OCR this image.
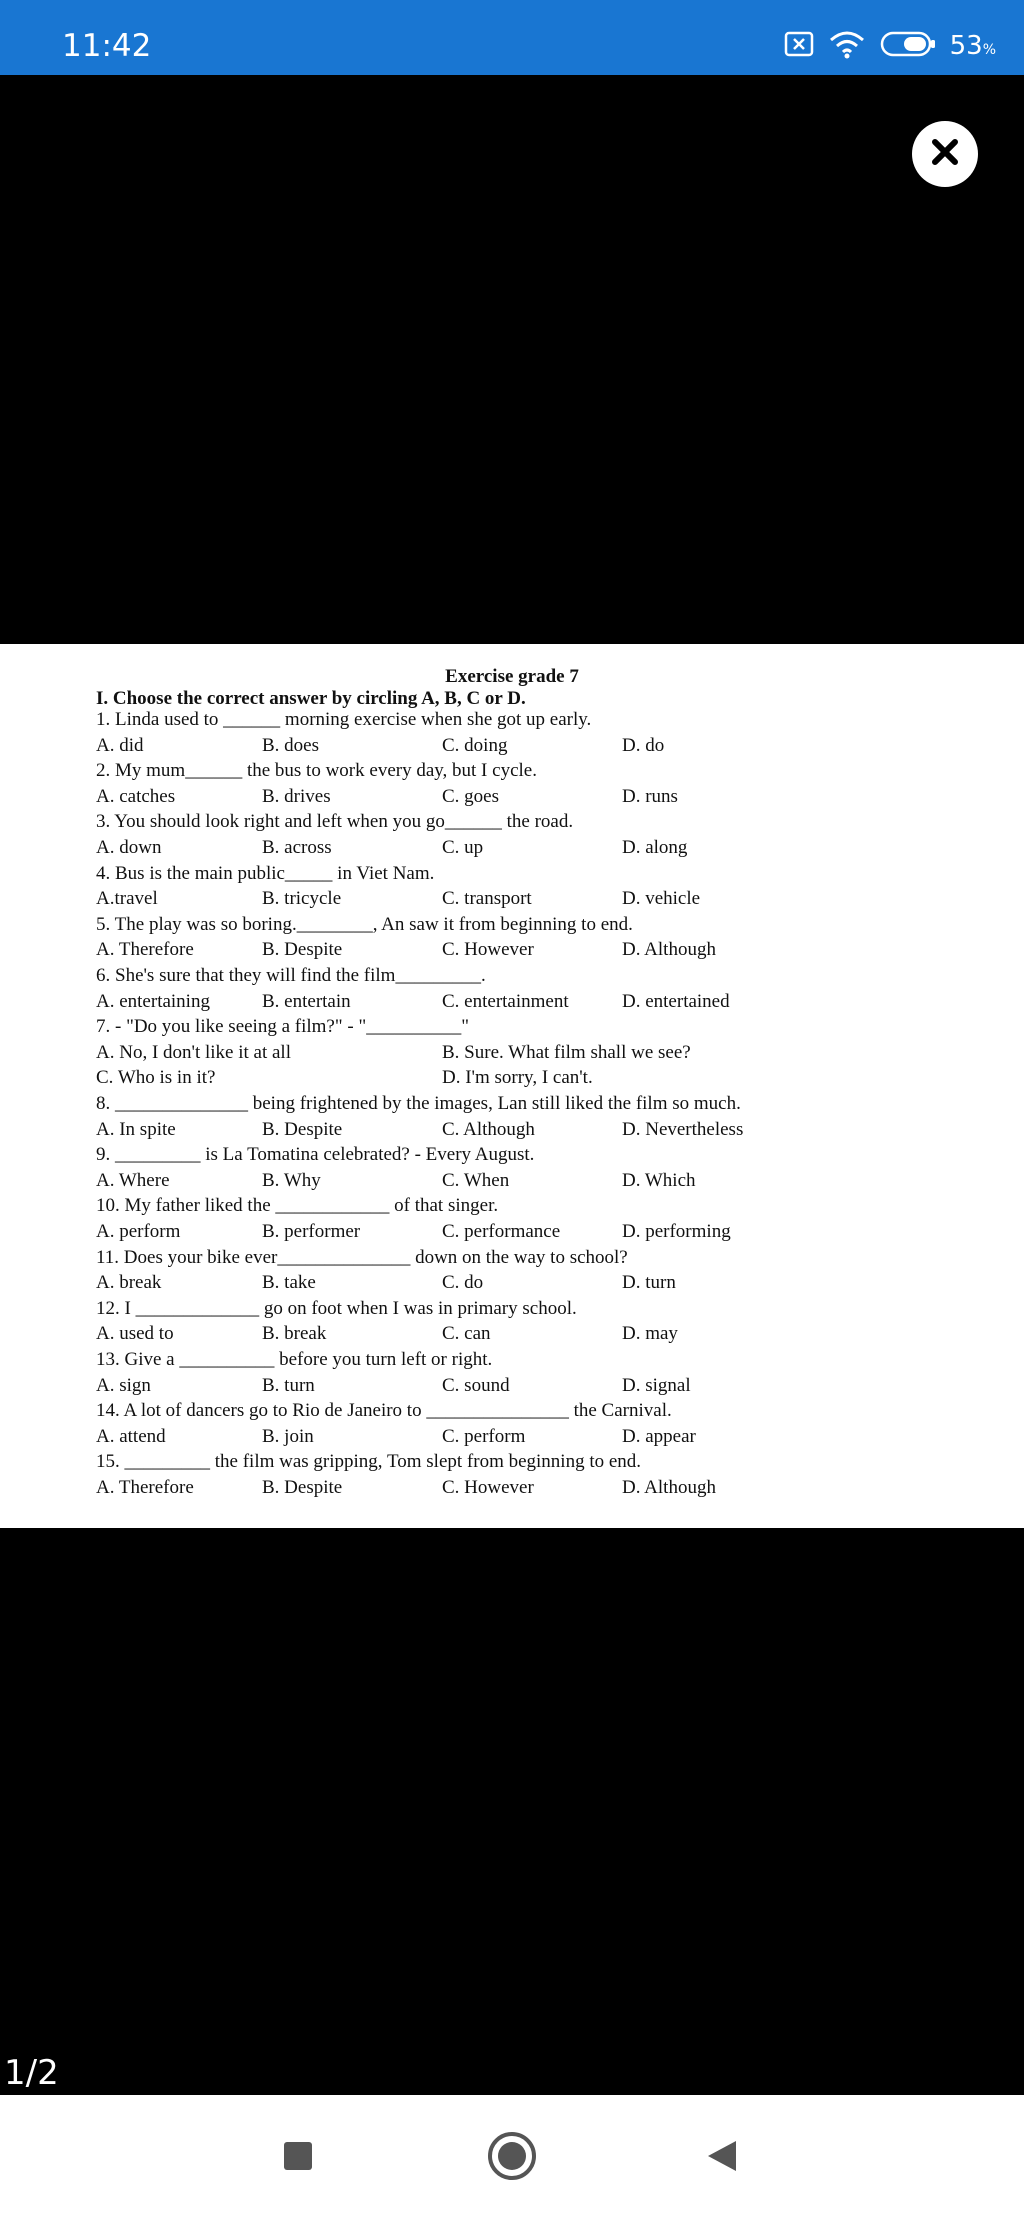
11:42	53%
Exercise grade 7
I. Choose the correct answer by circling A, B, C or D.
1. Linda used to ______ morning exercise when she got up early.
A. did	B. does	C. doing	D. do
2. My mum______ the bus to work every day, but I cycle.
A. catches	B. drives	C. goes	D. runs
3. You should look right and left when you go______ the road.
A. down	B. across	C. up	D. along
4. Bus is the main public_____ in Viet Nam.
A.travel	B. tricycle	C. transport	D. vehicle
5. The play was so boring.________, An saw it from beginning to end.
A. Therefore	B. Despite	C. However	D. Although
6. She's sure that they will find the film_________.
A. entertaining	B. entertain	C. entertainment	D. entertained
7. - "Do you like seeing a film?" - "__________"
A. No, I don't like it at all	B. Sure. What film shall we see?
C. Who is in it?	D. I'm sorry, I can't.
8. ______________ being frightened by the images, Lan still liked the film so much.
A. In spite	B. Despite	C. Although	D. Nevertheless
9. _________ is La Tomatina celebrated? - Every August.
A. Where	B. Why	C. When	D. Which
10. My father liked the ____________ of that singer.
A. perform	B. performer	C. performance	D. performing
11. Does your bike ever______________ down on the way to school?
A. break	B. take	C. do	D. turn
12. I _____________ go on foot when I was in primary school.
A. used to	B. break	C. can	D. may
13. Give a __________ before you turn left or right.
A. sign	B. turn	C. sound	D. signal
14. A lot of dancers go to Rio de Janeiro to _______________ the Carnival.
A. attend	B. join	C. perform	D. appear
15. _________ the film was gripping, Tom slept from beginning to end.
A. Therefore	B. Despite	C. However	D. Although
1/2
